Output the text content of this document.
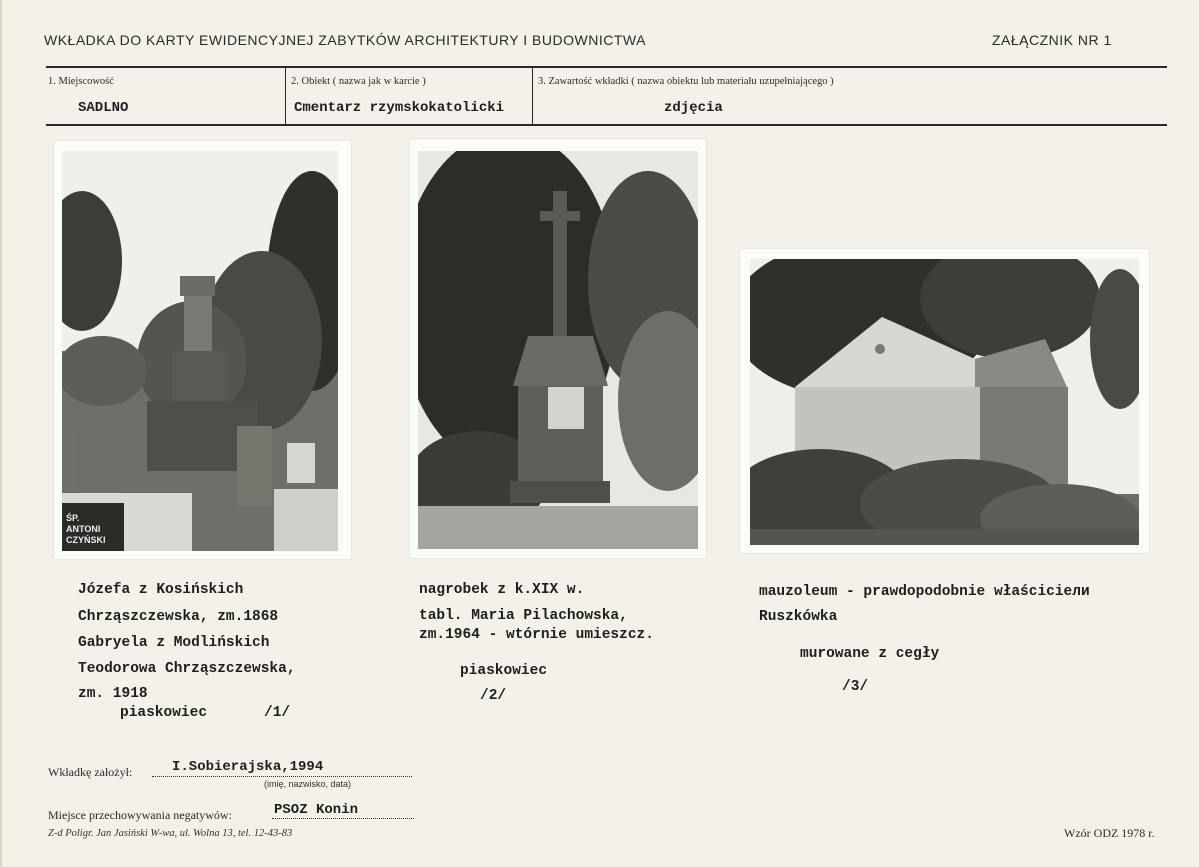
WKŁADKA DO KARTY EWIDENCYJNEJ ZABYTKÓW ARCHITEKTURY I BUDOWNICTWA	ZAŁĄCZNIK NR 1
1. Miejscowość
SADLNO
2. Obiekt ( nazwa jak w karcie )
Cmentarz rzymskokatolicki
3. Zawartość wkładki ( nazwa obiektu lub materiału uzupełniającego )
zdjęcia
ŚP.
ANTONI
CZYŃSKI
Józefa z Kosińskich
Chrząszczewska, zm.1868
Gabryela z Modlińskich
Teodorowa Chrząszczewska,
zm. 1918
piaskowiec	/1/
nagrobek z k.XIX w.
tabl. Maria Pilachowska,
zm.1964 - wtórnie umieszcz.
piaskowiec
/2/
mauzoleum - prawdopodobnie właściciели
Ruszkówka
murowane z cegły
/3/
Wkładkę założył:	I.Sobierajska,1994
(imię, nazwisko, data)
Miejsce przechowywania negatywów:	PSOZ Konin
Z-d Poligr. Jan Jasiński W-wa, ul. Wolna 13, tel. 12-43-83	Wzór ODZ 1978 r.
